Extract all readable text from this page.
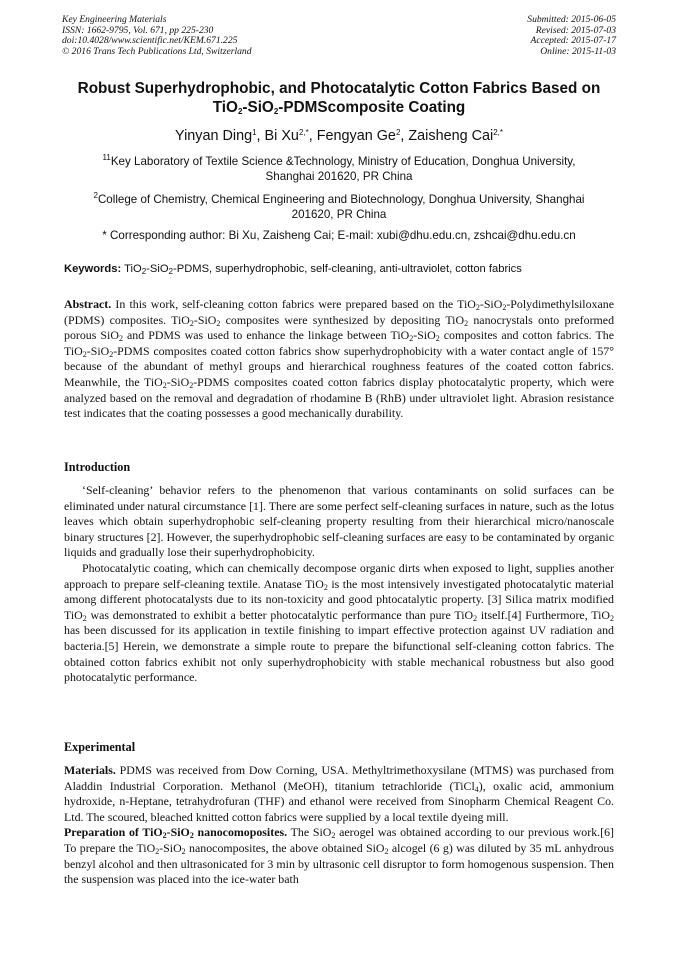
Key Engineering Materials
ISSN: 1662-9795, Vol. 671, pp 225-230
doi:10.4028/www.scientific.net/KEM.671.225
© 2016 Trans Tech Publications Ltd, Switzerland
Submitted: 2015-06-05
Revised: 2015-07-03
Accepted: 2015-07-17
Online: 2015-11-03
Robust Superhydrophobic, and Photocatalytic Cotton Fabrics Based on
TiO$_2$-SiO$_2$-PDMScomposite Coating
Yinyan Ding$^1$, Bi $Xu^{2,*}$, Fengyan Ge$^2$, Zaisheng Cai$^{2,*}$
$^{11}$Key Laboratory of Textile Science &Technology, Ministry of Education, Donghua University,
Shanghai 201620, PR China
$^2$College of Chemistry, Chemical Engineering and Biotechnology, Donghua University, Shanghai
201620, PR China
* Corresponding author: Bi Xu, Zaisheng Cai; E-mail: xubi@dhu.edu.cn, zshcai@dhu.edu.cn
Keywords: TiO$_2$-SiO$_2$-PDMS, superhydrophobic, self-cleaning, anti-ultraviolet, cotton fabrics

Abstract. In this work, self-cleaning cotton fabrics were prepared based on the TiO$_2$-SiO$_2$-Polydimethylsiloxane (PDMS) composites. TiO$_2$-SiO$_2$ composites were synthesized by depositing TiO$_2$ nanocrystals onto preformed porous SiO$_2$ and PDMS was used to enhance the linkage between TiO$_2$-SiO$_2$ composites and cotton fabrics. The TiO$_2$-SiO$_2$-PDMS composites coated cotton fabrics show superhydrophobicity with a water contact angle of 157° because of the abundant of methyl groups and hierarchical roughness features of the coated cotton fabrics. Meanwhile, the TiO$_2$-SiO$_2$-PDMS composites coated cotton fabrics display photocatalytic property, which were analyzed based on the removal and degradation of rhodamine B (RhB) under ultraviolet light. Abrasion resistance test indicates that the coating possesses a good mechanically durability.

Introduction

‘Self-cleaning’ behavior refers to the phenomenon that various contaminants on solid surfaces can be eliminated under natural circumstance [1]. There are some perfect self-cleaning surfaces in nature, such as the lotus leaves which obtain superhydrophobic self-cleaning property resulting from their hierarchical micro/nanoscale binary structures [2]. However, the superhydrophobic self-cleaning surfaces are easy to be contaminated by organic liquids and gradually lose their superhydrophobicity.

Photocatalytic coating, which can chemically decompose organic dirts when exposed to light, supplies another approach to prepare self-cleaning textile. Anatase TiO$_2$ is the most intensively investigated photocatalytic material among different photocatalysts due to its non-toxicity and good phtocatalytic property. [3] Silica matrix modified TiO$_2$ was demonstrated to exhibit a better photocatalytic performance than pure TiO$_2$ itself.[4] Furthermore, TiO$_2$ has been discussed for its application in textile finishing to impart effective protection against UV radiation and bacteria.[5] Herein, we demonstrate a simple route to prepare the bifunctional self-cleaning cotton fabrics. The obtained cotton fabrics exhibit not only superhydrophobicity with stable mechanical robustness but also good photocatalytic performance.

Experimental

Materials. PDMS was received from Dow Corning, USA. Methyltrimethoxysilane (MTMS) was purchased from Aladdin Industrial Corporation. Methanol (MeOH), titanium tetrachloride (TiCl$_4$), oxalic acid, ammonium hydroxide, n-Heptane, tetrahydrofuran (THF) and ethanol were received from Sinopharm Chemical Reagent Co. Ltd. The scoured, bleached knitted cotton fabrics were supplied by a local textile dyeing mill.

Preparation of TiO$_2$-SiO$_2$ nanocomoposites. The SiO$_2$ aerogel was obtained according to our previous work.[6] To prepare the TiO$_2$-SiO$_2$ nanocomposites, the above obtained SiO$_2$ alcogel (6 g) was diluted by 35 mL anhydrous benzyl alcohol and then ultrasonicated for 3 min by ultrasonic cell disruptor to form homogenous suspension. Then the suspension was placed into the ice-water bath
